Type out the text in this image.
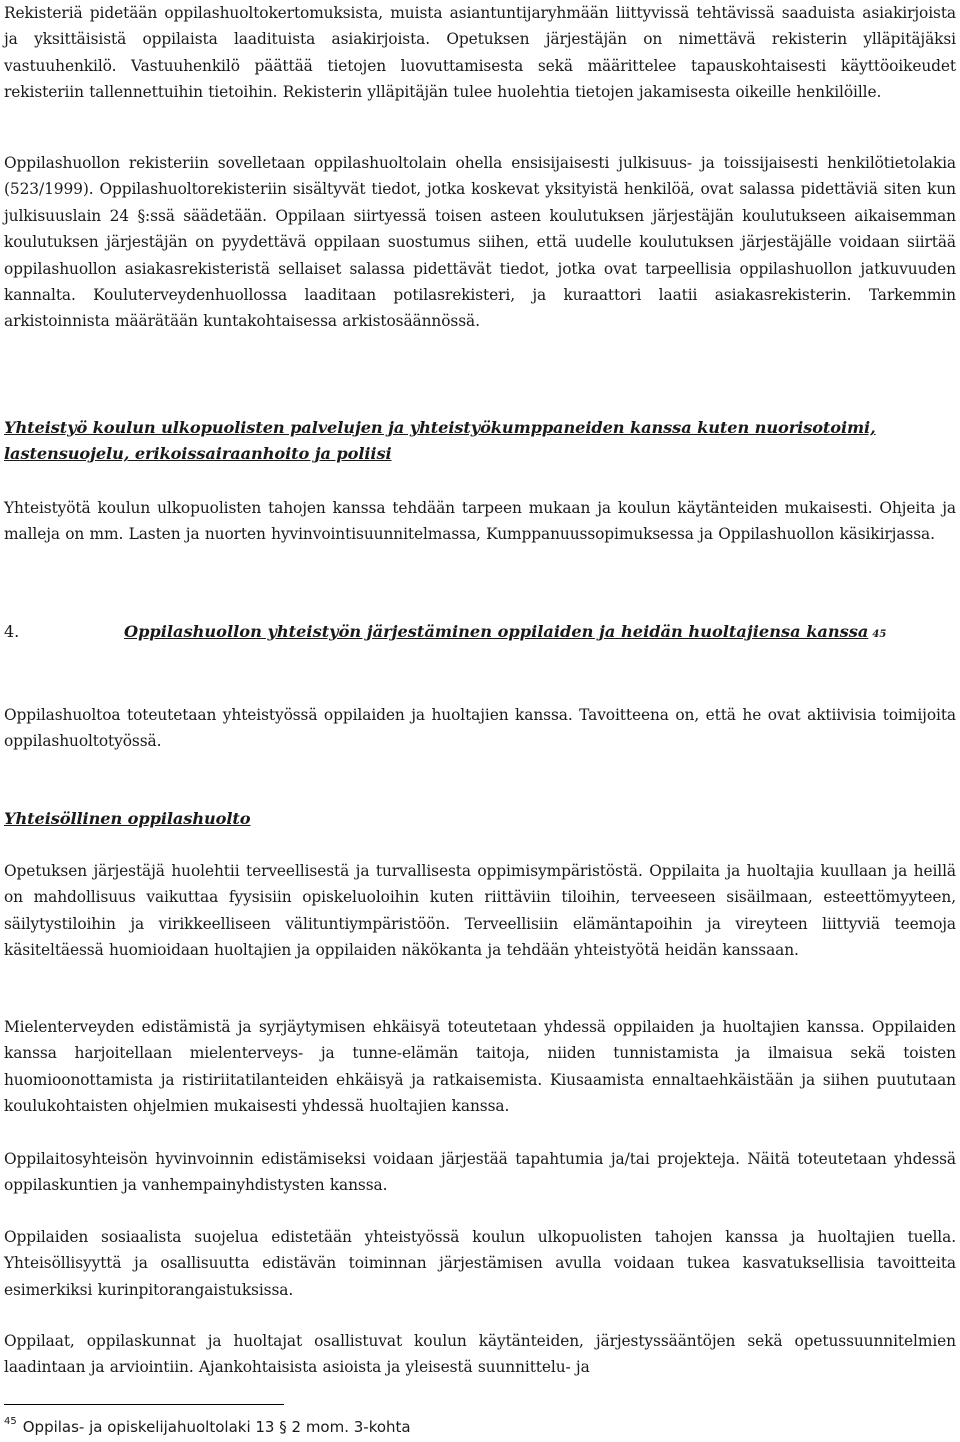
Rekisteriä pidetään oppilashuoltokertomuksista, muista asiantuntijaryhmään liittyvissä tehtävissä saaduista asiakirjoista ja yksittäisistä oppilaista laadituista asiakirjoista. Opetuksen järjestäjän on nimettävä rekisterin ylläpitäjäksi vastuuhenkilö. Vastuuhenkilö päättää tietojen luovuttamisesta sekä määrittelee tapauskohtaisesti käyttöoikeudet rekisteriin tallennettuihin tietoihin. Rekisterin ylläpitäjän tulee huolehtia tietojen jakamisesta oikeille henkilöille.

Oppilashuollon rekisteriin sovelletaan oppilashuoltolain ohella ensisijaisesti julkisuus- ja toissijaisesti henkilötietolakia (523/1999). Oppilashuoltorekisteriin sisältyvät tiedot, jotka koskevat yksityistä henkilöä, ovat salassa pidettäviä siten kun julkisuuslain 24 §:ssä säädetään. Oppilaan siirtyessä toisen asteen koulutuksen järjestäjän koulutukseen aikaisemman koulutuksen järjestäjän on pyydettävä oppilaan suostumus siihen, että uudelle koulutuksen järjestäjälle voidaan siirtää oppilashuollon asiakasrekisteristä sellaiset salassa pidettävät tiedot, jotka ovat tarpeellisia oppilashuollon jatkuvuuden kannalta. Kouluterveydenhuollossa laaditaan potilasrekisteri, ja kuraattori laatii asiakasrekisterin. Tarkemmin arkistoinnista määrätään kuntakohtaisessa arkistosäännössä.

Yhteistyö koulun ulkopuolisten palvelujen ja yhteistyökumppaneiden kanssa kuten nuorisotoimi, lastensuojelu, erikoissairaanhoito ja poliisi

Yhteistyötä koulun ulkopuolisten tahojen kanssa tehdään tarpeen mukaan ja koulun käytänteiden mukaisesti. Ohjeita ja malleja on mm. Lasten ja nuorten hyvinvointisuunnitelmassa, Kumppanuussopimuksessa ja Oppilashuollon käsikirjassa.

4.	Oppilashuollon yhteistyön järjestäminen oppilaiden ja heidän huoltajiensa kanssa 45

Oppilashuoltoa toteutetaan yhteistyössä oppilaiden ja huoltajien kanssa. Tavoitteena on, että he ovat aktiivisia toimijoita oppilashuoltotyössä.

Yhteisöllinen oppilashuolto

Opetuksen järjestäjä huolehtii terveellisestä ja turvallisesta oppimisympäristöstä. Oppilaita ja huoltajia kuullaan ja heillä on mahdollisuus vaikuttaa fyysisiin opiskeluoloihin kuten riittäviin tiloihin, terveeseen sisäilmaan, esteettömyyteen, säilytystiloihin ja virikkeelliseen välituntiympäristöön. Terveellisiin elämäntapoihin ja vireyteen liittyviä teemoja käsiteltäessä huomioidaan huoltajien ja oppilaiden näkökanta ja tehdään yhteistyötä heidän kanssaan.

Mielenterveyden edistämistä ja syrjäytymisen ehkäisyä toteutetaan yhdessä oppilaiden ja huoltajien kanssa. Oppilaiden kanssa harjoitellaan mielenterveys- ja tunne-elämän taitoja, niiden tunnistamista ja ilmaisua sekä toisten huomioonottamista ja ristiriitatilanteiden ehkäisyä ja ratkaisemista. Kiusaamista ennaltaehkäistään ja siihen puututaan koulukohtaisten ohjelmien mukaisesti yhdessä huoltajien kanssa.

Oppilaitosyhteisön hyvinvoinnin edistämiseksi voidaan järjestää tapahtumia ja/tai projekteja. Näitä toteutetaan yhdessä oppilaskuntien ja vanhempainyhdistysten kanssa.

Oppilaiden sosiaalista suojelua edistetään yhteistyössä koulun ulkopuolisten tahojen kanssa ja huoltajien tuella. Yhteisöllisyyttä ja osallisuutta edistävän toiminnan järjestämisen avulla voidaan tukea kasvatuksellisia tavoitteita esimerkiksi kurinpitorangaistuksissa.

Oppilaat, oppilaskunnat ja huoltajat osallistuvat koulun käytänteiden, järjestyssääntöjen sekä opetussuunnitelmien laadintaan ja arviointiin. Ajankohtaisista asioista ja yleisestä suunnittelu- ja

$^{45}$ Oppilas- ja opiskelijahuoltolaki 13 § 2 mom. 3-kohta
